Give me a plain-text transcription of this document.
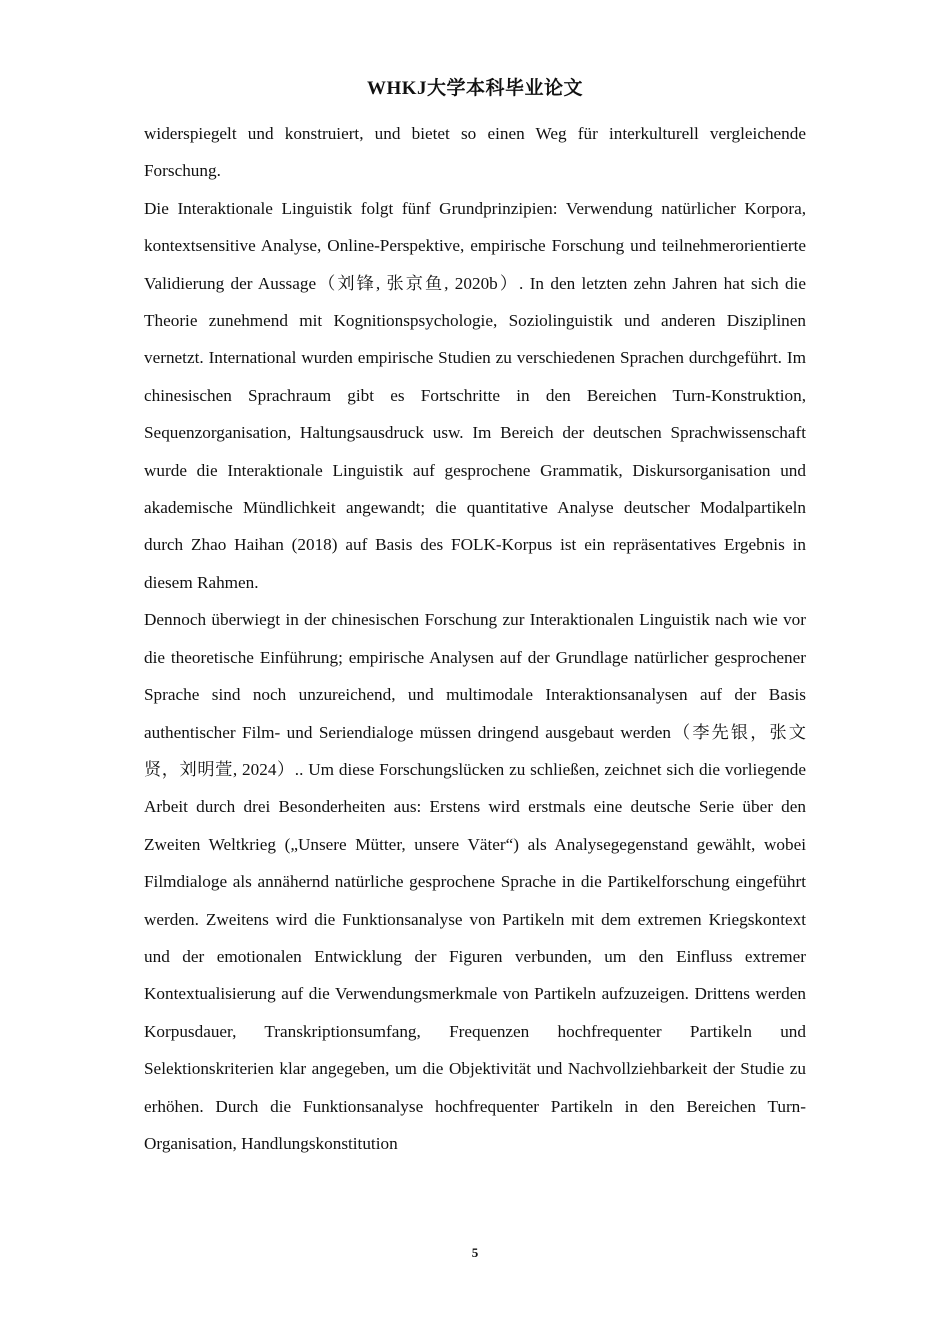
WHKJ大学本科毕业论文

widerspiegelt und konstruiert, und bietet so einen Weg für interkulturell vergleichende Forschung.

Die Interaktionale Linguistik folgt fünf Grundprinzipien: Verwendung natürlicher Korpora, kontextsensitive Analyse, Online-Perspektive, empirische Forschung und teilnehmerorientierte Validierung der Aussage（刘锋, 张京鱼, 2020b）. In den letzten zehn Jahren hat sich die Theorie zunehmend mit Kognitionspsychologie, Soziolinguistik und anderen Disziplinen vernetzt. International wurden empirische Studien zu verschiedenen Sprachen durchgeführt. Im chinesischen Sprachraum gibt es Fortschritte in den Bereichen Turn-Konstruktion, Sequenzorganisation, Haltungsausdruck usw. Im Bereich der deutschen Sprachwissenschaft wurde die Interaktionale Linguistik auf gesprochene Grammatik, Diskursorganisation und akademische Mündlichkeit angewandt; die quantitative Analyse deutscher Modalpartikeln durch Zhao Haihan (2018) auf Basis des FOLK-Korpus ist ein repräsentatives Ergebnis in diesem Rahmen.

Dennoch überwiegt in der chinesischen Forschung zur Interaktionalen Linguistik nach wie vor die theoretische Einführung; empirische Analysen auf der Grundlage natürlicher gesprochener Sprache sind noch unzureichend, und multimodale Interaktionsanalysen auf der Basis authentischer Film- und Seriendialoge müssen dringend ausgebaut werden（李先银，张文贤，刘明萱, 2024）.. Um diese Forschungslücken zu schließen, zeichnet sich die vorliegende Arbeit durch drei Besonderheiten aus: Erstens wird erstmals eine deutsche Serie über den Zweiten Weltkrieg („Unsere Mütter, unsere Väter“) als Analysegegenstand gewählt, wobei Filmdialoge als annähernd natürliche gesprochene Sprache in die Partikelforschung eingeführt werden. Zweitens wird die Funktionsanalyse von Partikeln mit dem extremen Kriegskontext und der emotionalen Entwicklung der Figuren verbunden, um den Einfluss extremer Kontextualisierung auf die Verwendungsmerkmale von Partikeln aufzuzeigen. Drittens werden Korpusdauer, Transkriptionsumfang, Frequenzen hochfrequenter Partikeln und Selektionskriterien klar angegeben, um die Objektivität und Nachvollziehbarkeit der Studie zu erhöhen. Durch die Funktionsanalyse hochfrequenter Partikeln in den Bereichen Turn-Organisation, Handlungskonstitution

5
